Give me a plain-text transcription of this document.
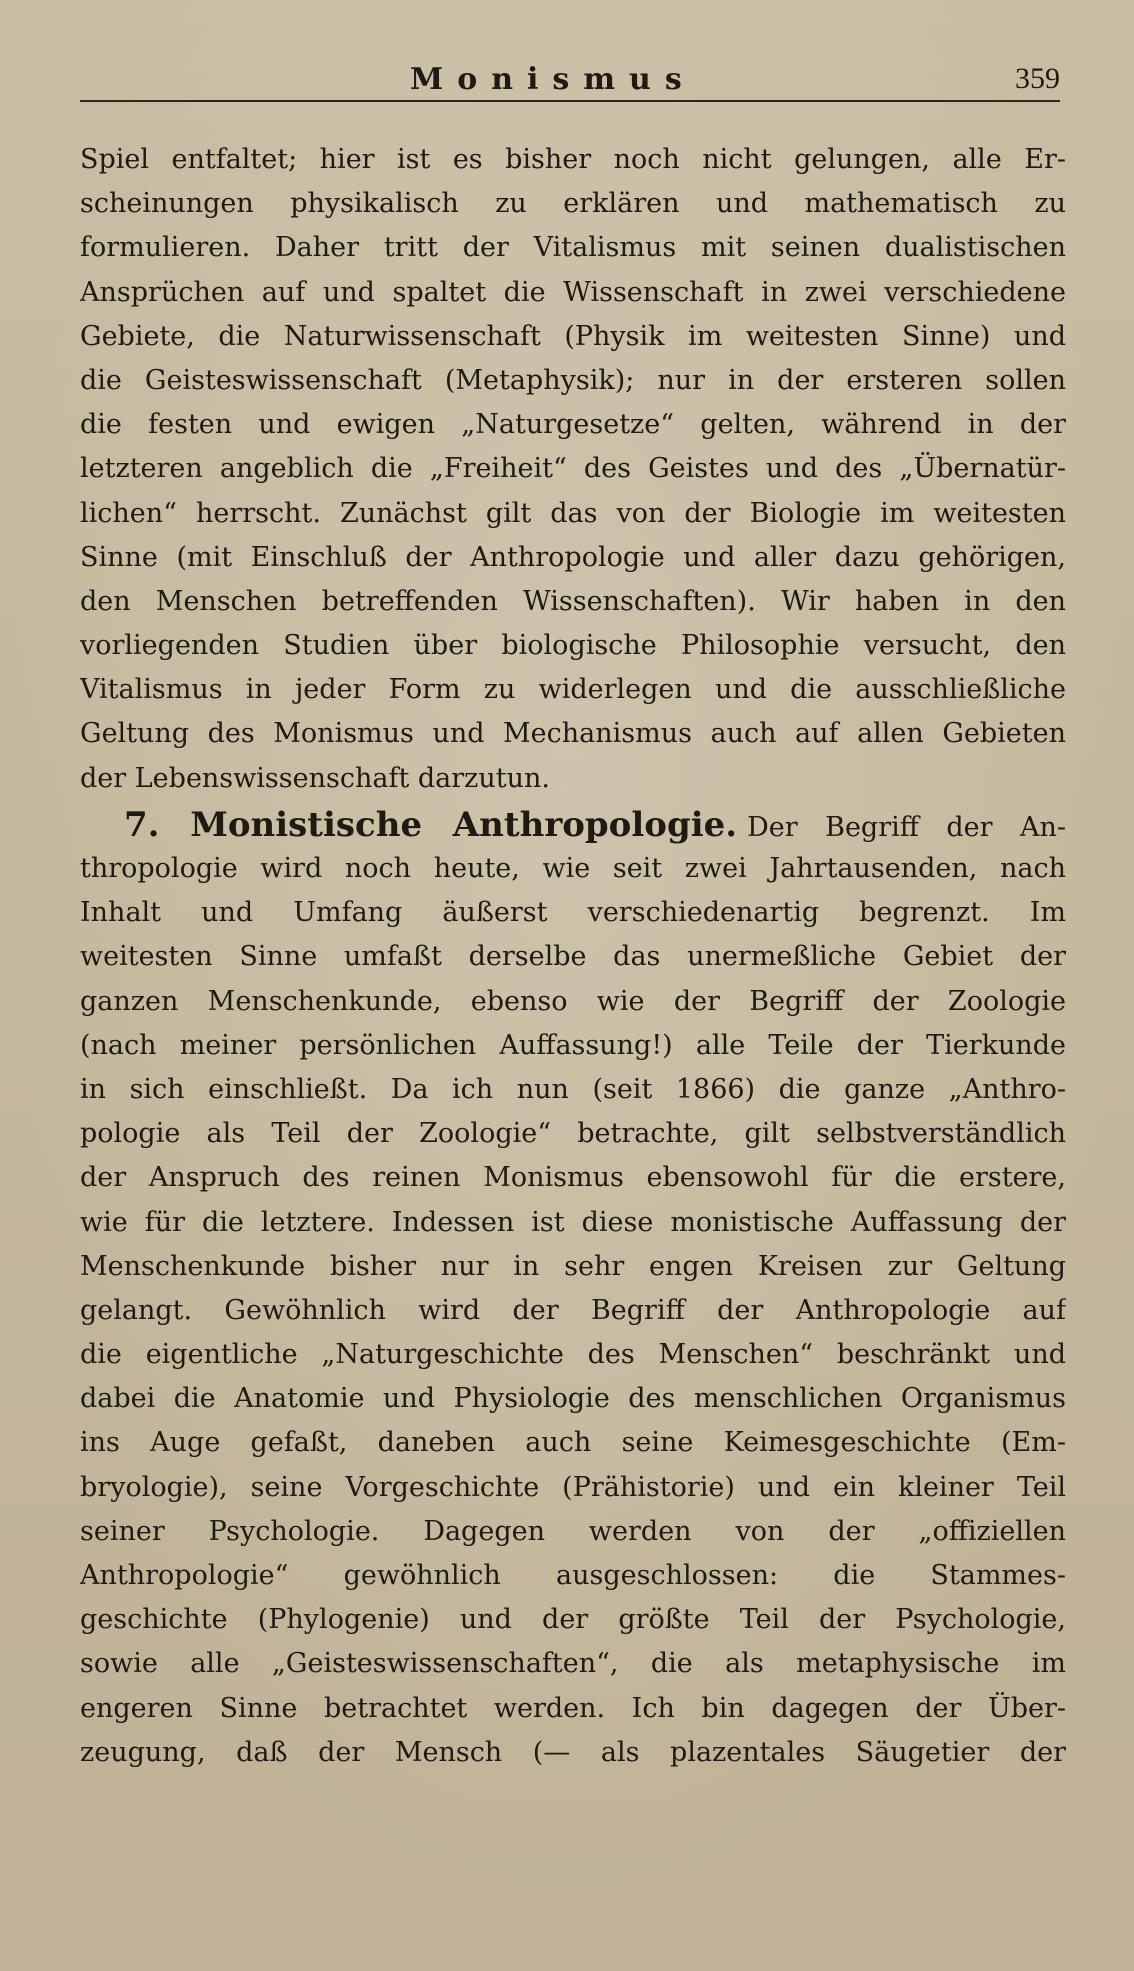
Monismus	359
Spiel entfaltet; hier ist es bisher noch nicht gelungen, alle Er-
scheinungen physikalisch zu erklären und mathematisch zu
formulieren. Daher tritt der Vitalismus mit seinen dualistischen
Ansprüchen auf und spaltet die Wissenschaft in zwei verschiedene
Gebiete, die Naturwissenschaft (Physik im weitesten Sinne) und
die Geisteswissenschaft (Metaphysik); nur in der ersteren sollen
die festen und ewigen „Naturgesetze“ gelten, während in der
letzteren angeblich die „Freiheit“ des Geistes und des „Übernatür-
lichen“ herrscht. Zunächst gilt das von der Biologie im weitesten
Sinne (mit Einschluß der Anthropologie und aller dazu gehörigen,
den Menschen betreffenden Wissenschaften). Wir haben in den
vorliegenden Studien über biologische Philosophie versucht, den
Vitalismus in jeder Form zu widerlegen und die ausschließliche
Geltung des Monismus und Mechanismus auch auf allen Gebieten
der Lebenswissenschaft darzutun.
7. Monistische Anthropologie. Der Begriff der An-
thropologie wird noch heute, wie seit zwei Jahrtausenden, nach
Inhalt und Umfang äußerst verschiedenartig begrenzt. Im
weitesten Sinne umfaßt derselbe das unermeßliche Gebiet der
ganzen Menschenkunde, ebenso wie der Begriff der Zoologie
(nach meiner persönlichen Auffassung!) alle Teile der Tierkunde
in sich einschließt. Da ich nun (seit 1866) die ganze „Anthro-
pologie als Teil der Zoologie“ betrachte, gilt selbstverständlich
der Anspruch des reinen Monismus ebensowohl für die erstere,
wie für die letztere. Indessen ist diese monistische Auffassung der
Menschenkunde bisher nur in sehr engen Kreisen zur Geltung
gelangt. Gewöhnlich wird der Begriff der Anthropologie auf
die eigentliche „Naturgeschichte des Menschen“ beschränkt und
dabei die Anatomie und Physiologie des menschlichen Organismus
ins Auge gefaßt, daneben auch seine Keimesgeschichte (Em-
bryologie), seine Vorgeschichte (Prähistorie) und ein kleiner Teil
seiner Psychologie. Dagegen werden von der „offiziellen
Anthropologie“ gewöhnlich ausgeschlossen: die Stammes-
geschichte (Phylogenie) und der größte Teil der Psychologie,
sowie alle „Geisteswissenschaften“, die als metaphysische im
engeren Sinne betrachtet werden. Ich bin dagegen der Über-
zeugung, daß der Mensch (— als plazentales Säugetier der
